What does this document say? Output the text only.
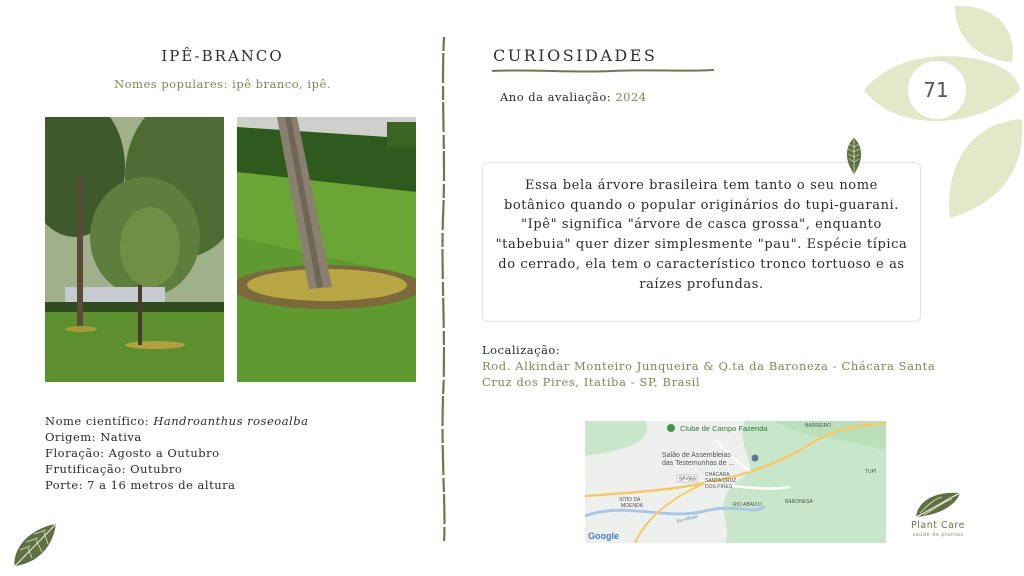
71
IPÊ-BRANCO
Nomes populares: ipê branco, ipê.
Nome científico: Handroanthus roseoalba
Origem: Nativa
Floração: Agosto a Outubro
Frutificação: Outubro
Porte: 7 a 16 metros de altura
CURIOSIDADES
Ano da avaliação: 2024
Essa bela árvore brasileira tem tanto o seu nome botânico quando o popular originários do tupi-guarani. "Ipê" significa "árvore de casca grossa", enquanto "tabebuia" quer dizer simplesmente "pau". Espécie típica do cerrado, ela tem o característico tronco tortuoso e as raízes profundas.
Localização:
Rod. Alkindar Monteiro Junqueira & Q.ta da Baroneza - Chácara Santa Cruz dos Pires, Itatiba - SP, Brasil
Clube de Campo Fazenda	BARREIRO
Salão de Assembleias
das Testemunhas de ...
TUPI
SP-063
CHÁCARA
SANTA CRUZ
DOS PIRES
SÍTIO DA
MOENDA	RIO ABAIXO	BARONESA
Rio Atibaia
Google
Plant Care
saúde de plantas
